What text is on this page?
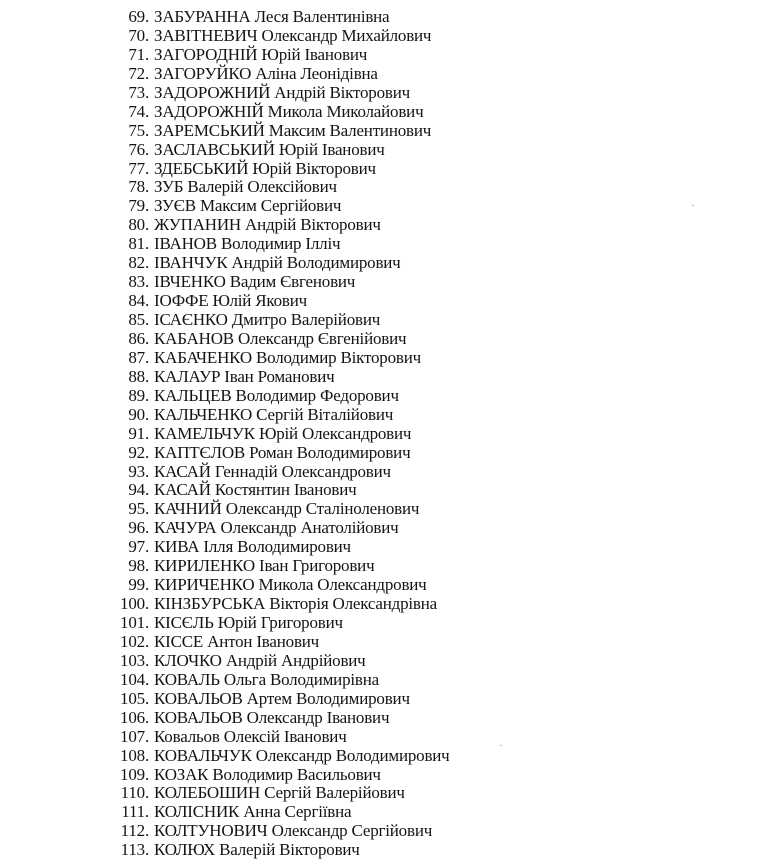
69. ЗАБУРАННА Леся Валентинівна
70. ЗАВІТНЕВИЧ Олександр Михайлович
71. ЗАГОРОДНІЙ Юрій Іванович
72. ЗАГОРУЙКО Аліна Леонідівна
73. ЗАДОРОЖНИЙ Андрій Вікторович
74. ЗАДОРОЖНІЙ Микола Миколайович
75. ЗАРЕМСЬКИЙ Максим Валентинович
76. ЗАСЛАВСЬКИЙ Юрій Іванович
77. ЗДЕБСЬКИЙ Юрій Вікторович
78. ЗУБ Валерій Олексійович
79. ЗУЄВ Максим Сергійович
80. ЖУПАНИН Андрій Вікторович
81. ІВАНОВ Володимир Ілліч
82. ІВАНЧУК Андрій Володимирович
83. ІВЧЕНКО Вадим Євгенович
84. ІОФФЕ Юлій Якович
85. ІСАЄНКО Дмитро Валерійович
86. КАБАНОВ Олександр Євгенійович
87. КАБАЧЕНКО Володимир Вікторович
88. КАЛАУР Іван Романович
89. КАЛЬЦЕВ Володимир Федорович
90. КАЛЬЧЕНКО Сергій Віталійович
91. КАМЕЛЬЧУК Юрій Олександрович
92. КАПТЄЛОВ Роман Володимирович
93. КАСАЙ Геннадій Олександрович
94. КАСАЙ Костянтин Іванович
95. КАЧНИЙ Олександр Сталіноленович
96. КАЧУРА Олександр Анатолійович
97. КИВА Ілля Володимирович
98. КИРИЛЕНКО Іван Григорович
99. КИРИЧЕНКО Микола Олександрович
100. КІНЗБУРСЬКА Вікторія Олександрівна
101. КІСЄЛЬ Юрій Григорович
102. КІССЕ Антон Іванович
103. КЛОЧКО Андрій Андрійович
104. КОВАЛЬ Ольга Володимирівна
105. КОВАЛЬОВ Артем Володимирович
106. КОВАЛЬОВ Олександр Іванович
107. Ковальов Олексій Іванович
108. КОВАЛЬЧУК Олександр Володимирович
109. КОЗАК Володимир Васильович
110. КОЛЕБОШИН Сергій Валерійович
111. КОЛІСНИК Анна Сергіївна
112. КОЛТУНОВИЧ Олександр Сергійович
113. КОЛЮХ Валерій Вікторович
